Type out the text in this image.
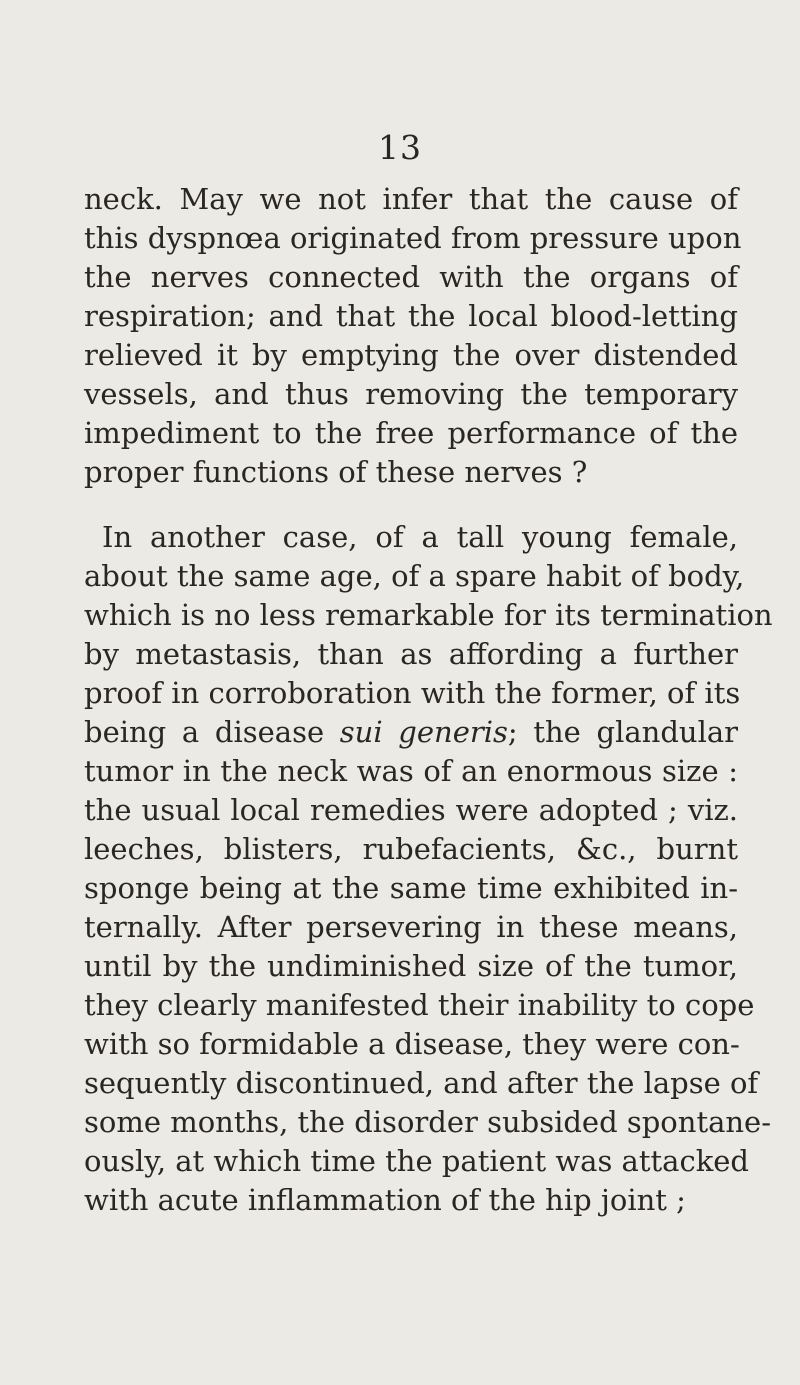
13
neck. May we not infer that the cause of
this dyspnœa originated from pressure upon
the nerves connected with the organs of
respiration; and that the local blood-letting
relieved it by emptying the over distended
vessels, and thus removing the temporary
impediment to the free performance of the
proper functions of these nerves ?
In another case, of a tall young female,
about the same age, of a spare habit of body,
which is no less remarkable for its termination
by metastasis, than as affording a further
proof in corroboration with the former, of its
being a disease sui generis; the glandular
tumor in the neck was of an enormous size :
the usual local remedies were adopted ; viz.
leeches, blisters, rubefacients, &c., burnt
sponge being at the same time exhibited in-
ternally. After persevering in these means,
until by the undiminished size of the tumor,
they clearly manifested their inability to cope
with so formidable a disease, they were con-
sequently discontinued, and after the lapse of
some months, the disorder subsided spontane-
ously, at which time the patient was attacked
with acute inflammation of the hip joint ;
